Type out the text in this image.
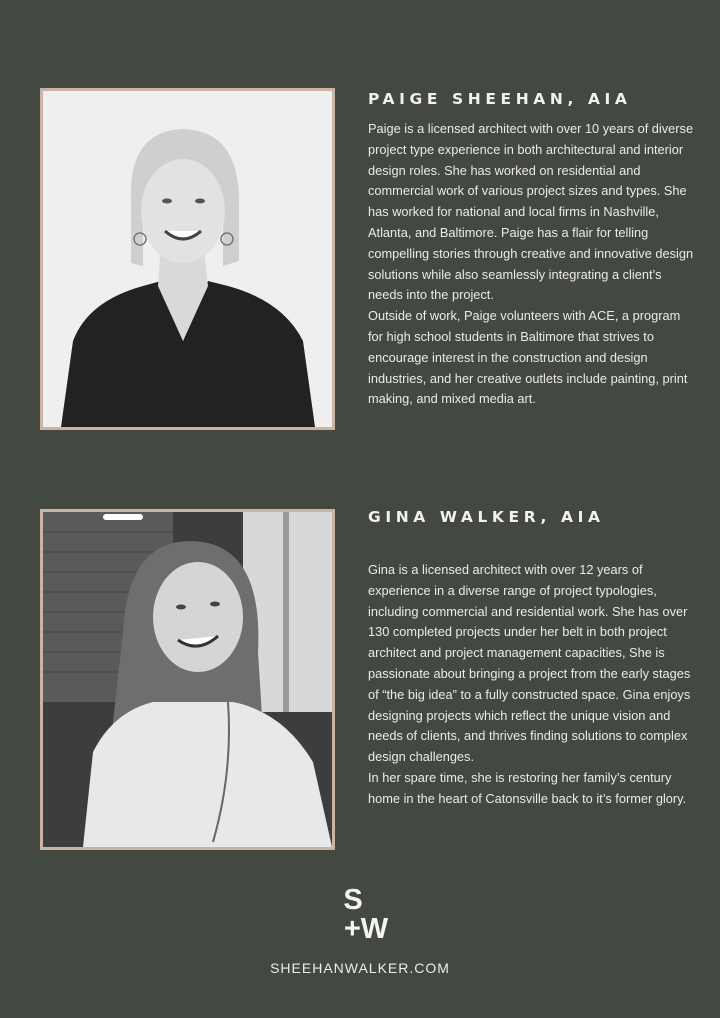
PAIGE SHEEHAN, AIA

Paige is a licensed architect with over 10 years of diverse project type experience in both architectural and interior design roles. She has worked on residential and commercial work of various project sizes and types. She has worked for national and local firms in Nashville, Atlanta, and Baltimore. Paige has a flair for telling compelling stories through creative and innovative design solutions while also seamlessly integrating a client’s needs into the project.

Outside of work, Paige volunteers with ACE, a program for high school students in Baltimore that strives to encourage interest in the construction and design industries, and her creative outlets include painting, print making, and mixed media art.

GINA WALKER, AIA

Gina is a licensed architect with over 12 years of experience in a diverse range of project typologies, including commercial and residential work. She has over 130 completed projects under her belt in both project architect and project management capacities, She is passionate about bringing a project from the early stages of “the big idea” to a fully constructed space. Gina enjoys designing projects which reflect the unique vision and needs of clients, and thrives finding solutions to complex design challenges.

In her spare time, she is restoring her family’s century home in the heart of Catonsville back to it’s former glory.

S
+W
SHEEHANWALKER.COM
